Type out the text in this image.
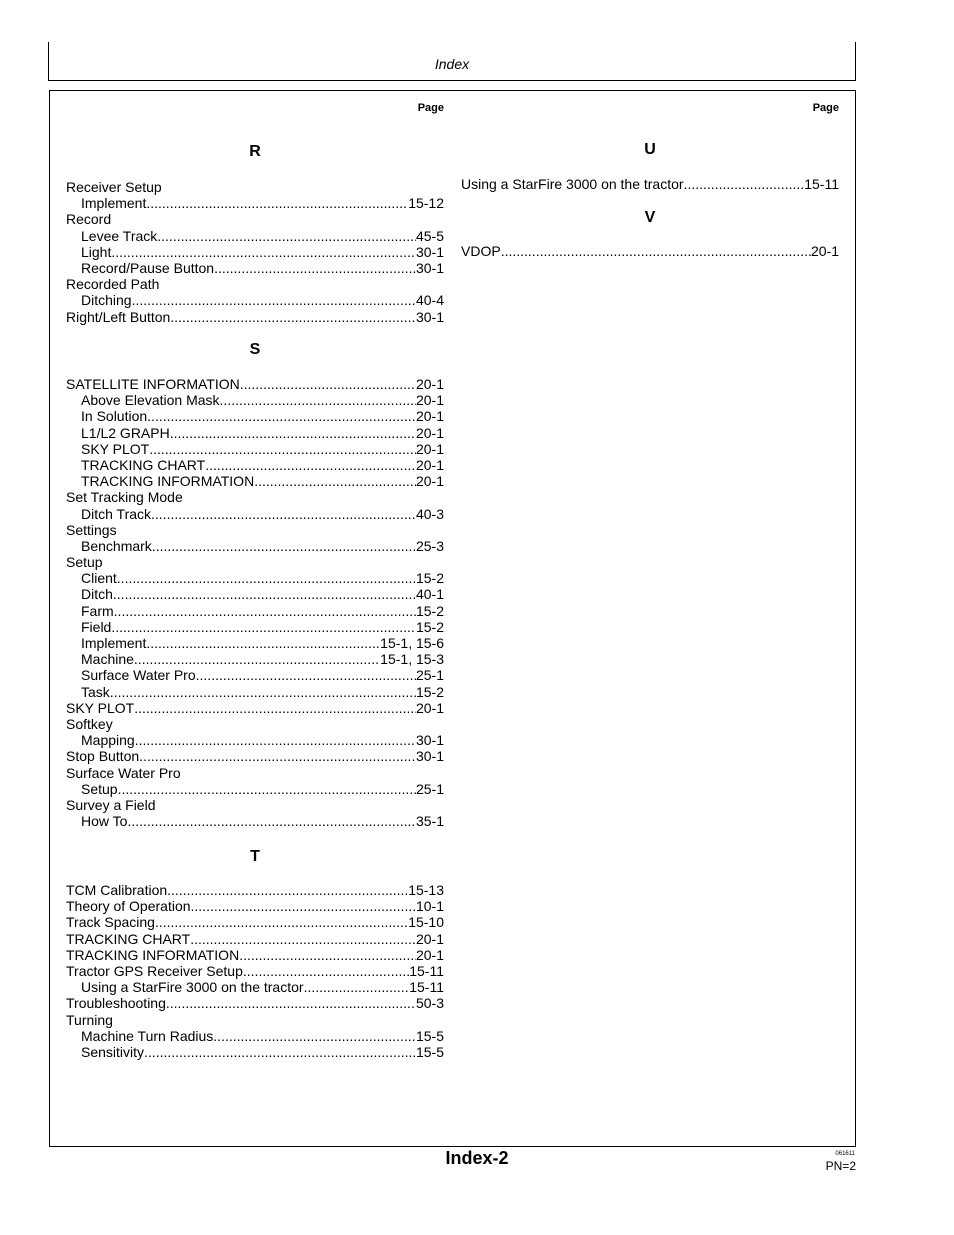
Index
Page
R
Receiver Setup
Implement .....	15-12
Record
Levee Track .....	45-5
Light .....	30-1
Record/Pause Button .....	30-1
Recorded Path
Ditching .....	40-4
Right/Left Button .....	30-1
S
SATELLITE INFORMATION .....	20-1
Above Elevation Mask .....	20-1
In Solution .....	20-1
L1/L2 GRAPH .....	20-1
SKY PLOT .....	20-1
TRACKING CHART .....	20-1
TRACKING INFORMATION .....	20-1
Set Tracking Mode
Ditch Track .....	40-3
Settings
Benchmark .....	25-3
Setup
Client .....	15-2
Ditch .....	40-1
Farm .....	15-2
Field .....	15-2
Implement .....	15-1, 15-6
Machine .....	15-1, 15-3
Surface Water Pro .....	25-1
Task .....	15-2
SKY PLOT .....	20-1
Softkey
Mapping .....	30-1
Stop Button .....	30-1
Surface Water Pro
Setup .....	25-1
Survey a Field
How To .....	35-1
T
TCM Calibration .....	15-13
Theory of Operation .....	10-1
Track Spacing .....	15-10
TRACKING CHART .....	20-1
TRACKING INFORMATION .....	20-1
Tractor GPS Receiver Setup .....	15-11
Using a StarFire 3000 on the tractor .....	15-11
Troubleshooting .....	50-3
Turning
Machine Turn Radius .....	15-5
Sensitivity .....	15-5
Page
U
Using a StarFire 3000 on the tractor .....	15-11
V
VDOP .....	20-1
Index-2	061611
PN=2
